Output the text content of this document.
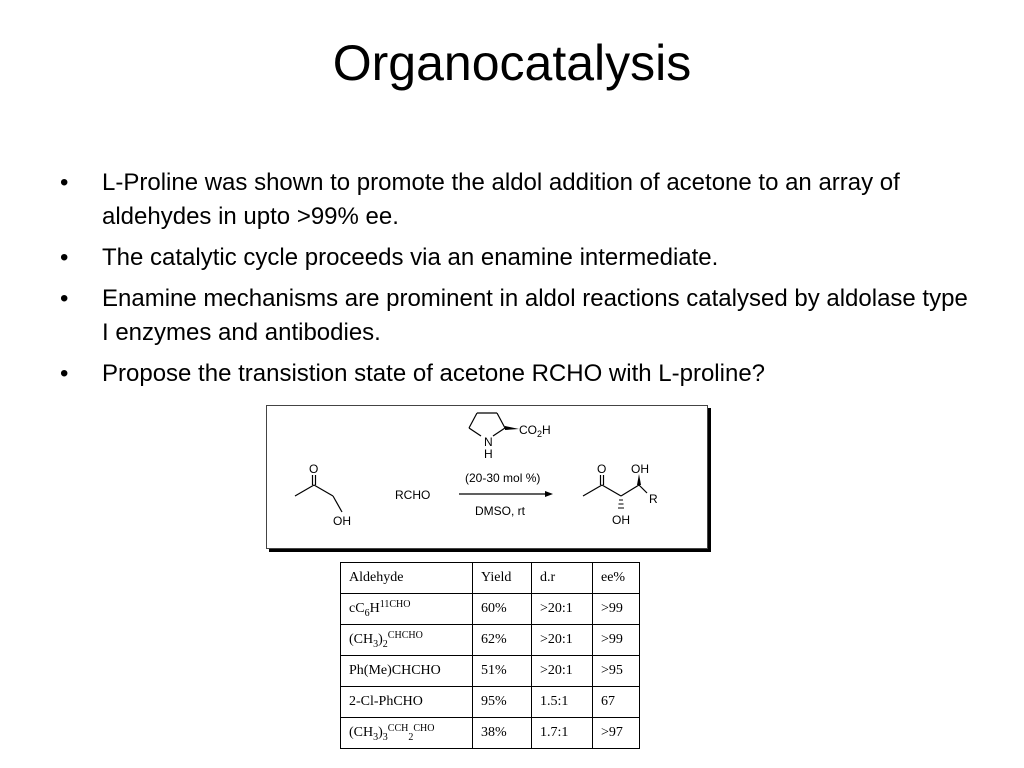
Organocatalysis
•	L-Proline was shown to promote the aldol addition of acetone to an array of aldehydes in upto >99% ee.
•	The catalytic cycle proceeds via an enamine intermediate.
•	Enamine mechanisms are prominent in aldol reactions catalysed by aldolase type I enzymes and antibodies.
•	Propose the transistion state of acetone RCHO with L-proline?
O
OH
RCHO
N
H
$CO_2H$
(20-30 mol %)
DMSO, rt
O OH
R
OH
Aldehyde	Yield	d.r	ee%
$cC_6H^{11CHO}$	60%	>20:1	>99
$(CH_3)_2^{CHCHO}$	62%	>20:1	>99
Ph(Me)CHCHO	51%	>20:1	>95
2-Cl-PhCHO	95%	1.5:1	67
$(CH_3)_3^{CCH}_2^{CHO}$	38%	1.7:1	>97
